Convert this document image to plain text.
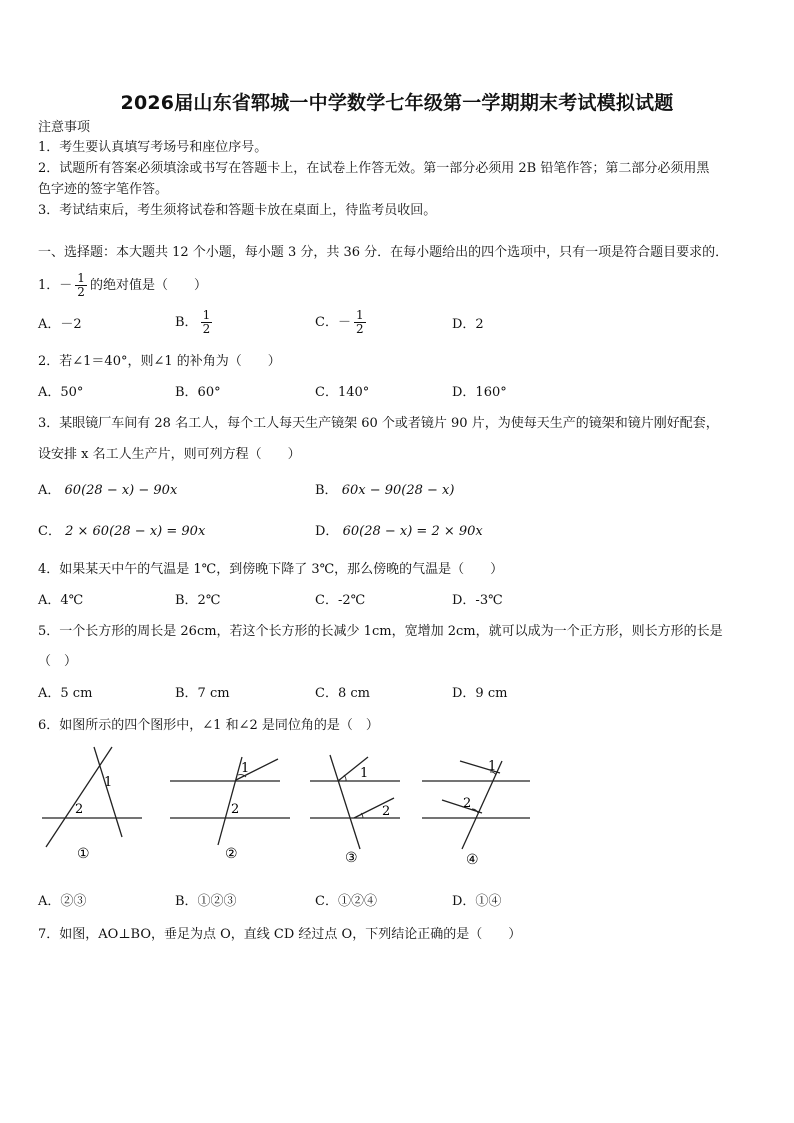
2026届山东省郓城一中学数学七年级第一学期期末考试模拟试题
注意事项
1．考生要认真填写考场号和座位序号。
2．试题所有答案必须填涂或书写在答题卡上，在试卷上作答无效。第一部分必须用 2B 铅笔作答；第二部分必须用黑
色字迹的签字笔作答。
3．考试结束后，考生须将试卷和答题卡放在桌面上，待监考员收回。
一、选择题：本大题共 12 个小题，每小题 3 分，共 36 分．在每小题给出的四个选项中，只有一项是符合题目要求的．
1．－ $\frac{1}{2}$ 的绝对值是（　　）
A．－2	B． $\frac{1}{2}$	C．－ $\frac{1}{2}$	D．2
2．若∠1＝40°，则∠1 的补角为（　　）
A．50°	B．60°	C．140°	D．160°
3．某眼镜厂车间有 28 名工人，每个工人每天生产镜架 60 个或者镜片 90 片，为使每天生产的镜架和镜片刚好配套，
设安排 x 名工人生产片，则可列方程（　　）
A． 60(28 − x) − 90x	B． 60x − 90(28 − x)
C． 2 × 60(28 − x) = 90x	D． 60(28 − x) = 2 × 90x
4．如果某天中午的气温是 1℃，到傍晚下降了 3℃，那么傍晚的气温是（　　）
A．4℃	B．2℃	C．-2℃	D．-3℃
5．一个长方形的周长是 26cm，若这个长方形的长减少 1cm，宽增加 2cm，就可以成为一个正方形，则长方形的长是
（　）
A．5 cm	B．7 cm	C．8 cm	D．9 cm
6．如图所示的四个图形中，∠1 和∠2 是同位角的是（　）
1
2
①
1
2
②
1
2
③
1
2
④
A．②③	B．①②③	C．①②④	D．①④
7．如图，AO⊥BO，垂足为点 O，直线 CD 经过点 O，下列结论正确的是（　　）
